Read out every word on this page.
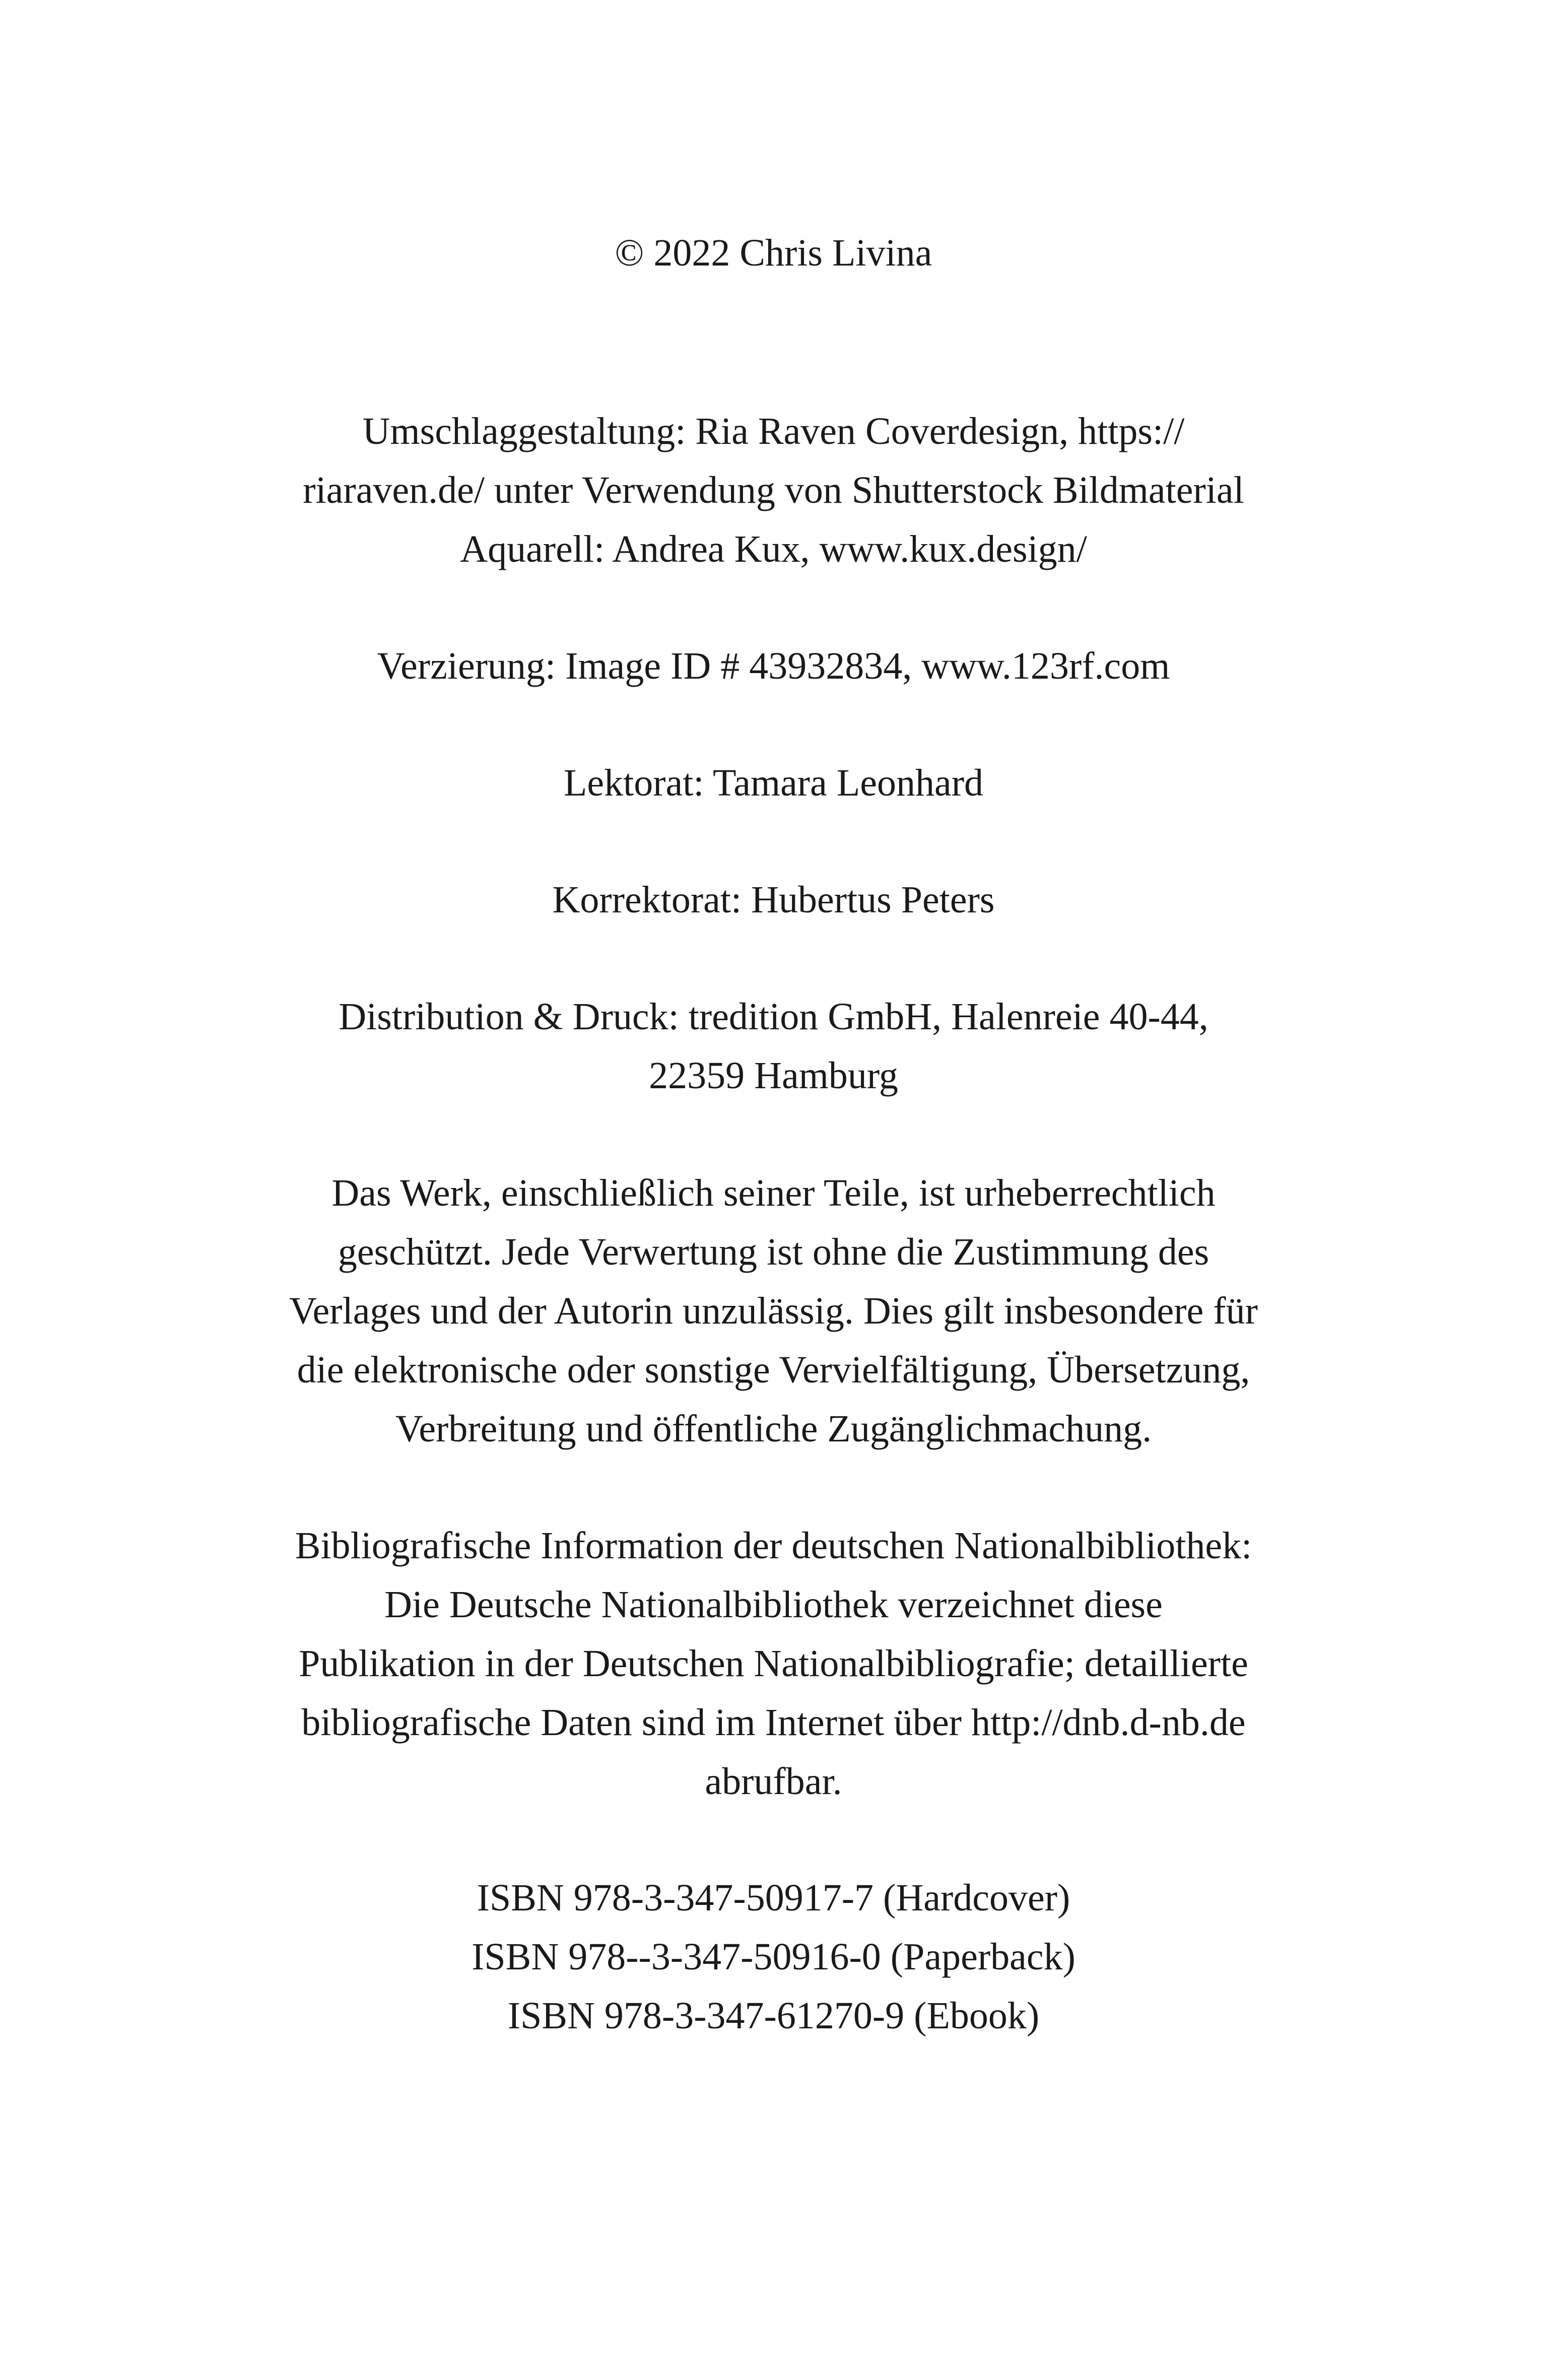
© 2022 Chris Livina
Umschlaggestaltung: Ria Raven Coverdesign, https://
riaraven.de/ unter Verwendung von Shutterstock Bildmaterial
Aquarell: Andrea Kux, www.kux.design/
Verzierung: Image ID # 43932834, www.123rf.com
Lektorat: Tamara Leonhard
Korrektorat: Hubertus Peters
Distribution & Druck: tredition GmbH, Halenreie 40-44,
22359 Hamburg
Das Werk, einschließlich seiner Teile, ist urheberrechtlich
geschützt. Jede Verwertung ist ohne die Zustimmung des
Verlages und der Autorin unzulässig. Dies gilt insbesondere für
die elektronische oder sonstige Vervielfältigung, Übersetzung,
Verbreitung und öffentliche Zugänglichmachung.
Bibliografische Information der deutschen Nationalbibliothek:
Die Deutsche Nationalbibliothek verzeichnet diese
Publikation in der Deutschen Nationalbibliografie; detaillierte
bibliografische Daten sind im Internet über http://dnb.d-nb.de
abrufbar.
ISBN 978-3-347-50917-7 (Hardcover)
ISBN 978--3-347-50916-0 (Paperback)
ISBN 978-3-347-61270-9 (Ebook)
